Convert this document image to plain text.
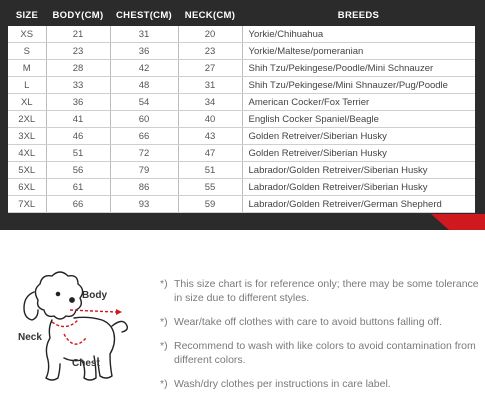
SIZE	BODY(CM)	CHEST(CM)	NECK(CM)	BREEDS
XS	21	31	20	Yorkie/Chihuahua
S	23	36	23	Yorkie/Maltese/pomeranian
M	28	42	27	Shih Tzu/Pekingese/Poodle/Mini Schnauzer
L	33	48	31	Shih Tzu/Pekingese/Mini Shnauzer/Pug/Poodle
XL	36	54	34	American Cocker/Fox Terrier
2XL	41	60	40	English Cocker Spaniel/Beagle
3XL	46	66	43	Golden Retreiver/Siberian Husky
4XL	51	72	47	Golden Retreiver/Siberian Husky
5XL	56	79	51	Labrador/Golden Retreiver/Siberian Husky
6XL	61	86	55	Labrador/Golden Retreiver/Siberian Husky
7XL	66	93	59	Labrador/Golden Retreiver/German Shepherd
Body
Neck
Chest
*) This size chart is for reference only; there may be some tolerance in size due to different styles.
*) Wear/take off clothes with care to avoid buttons falling off.
*) Recommend to wash with like colors to avoid contamination from different colors.
*) Wash/dry clothes per instructions in care label.
